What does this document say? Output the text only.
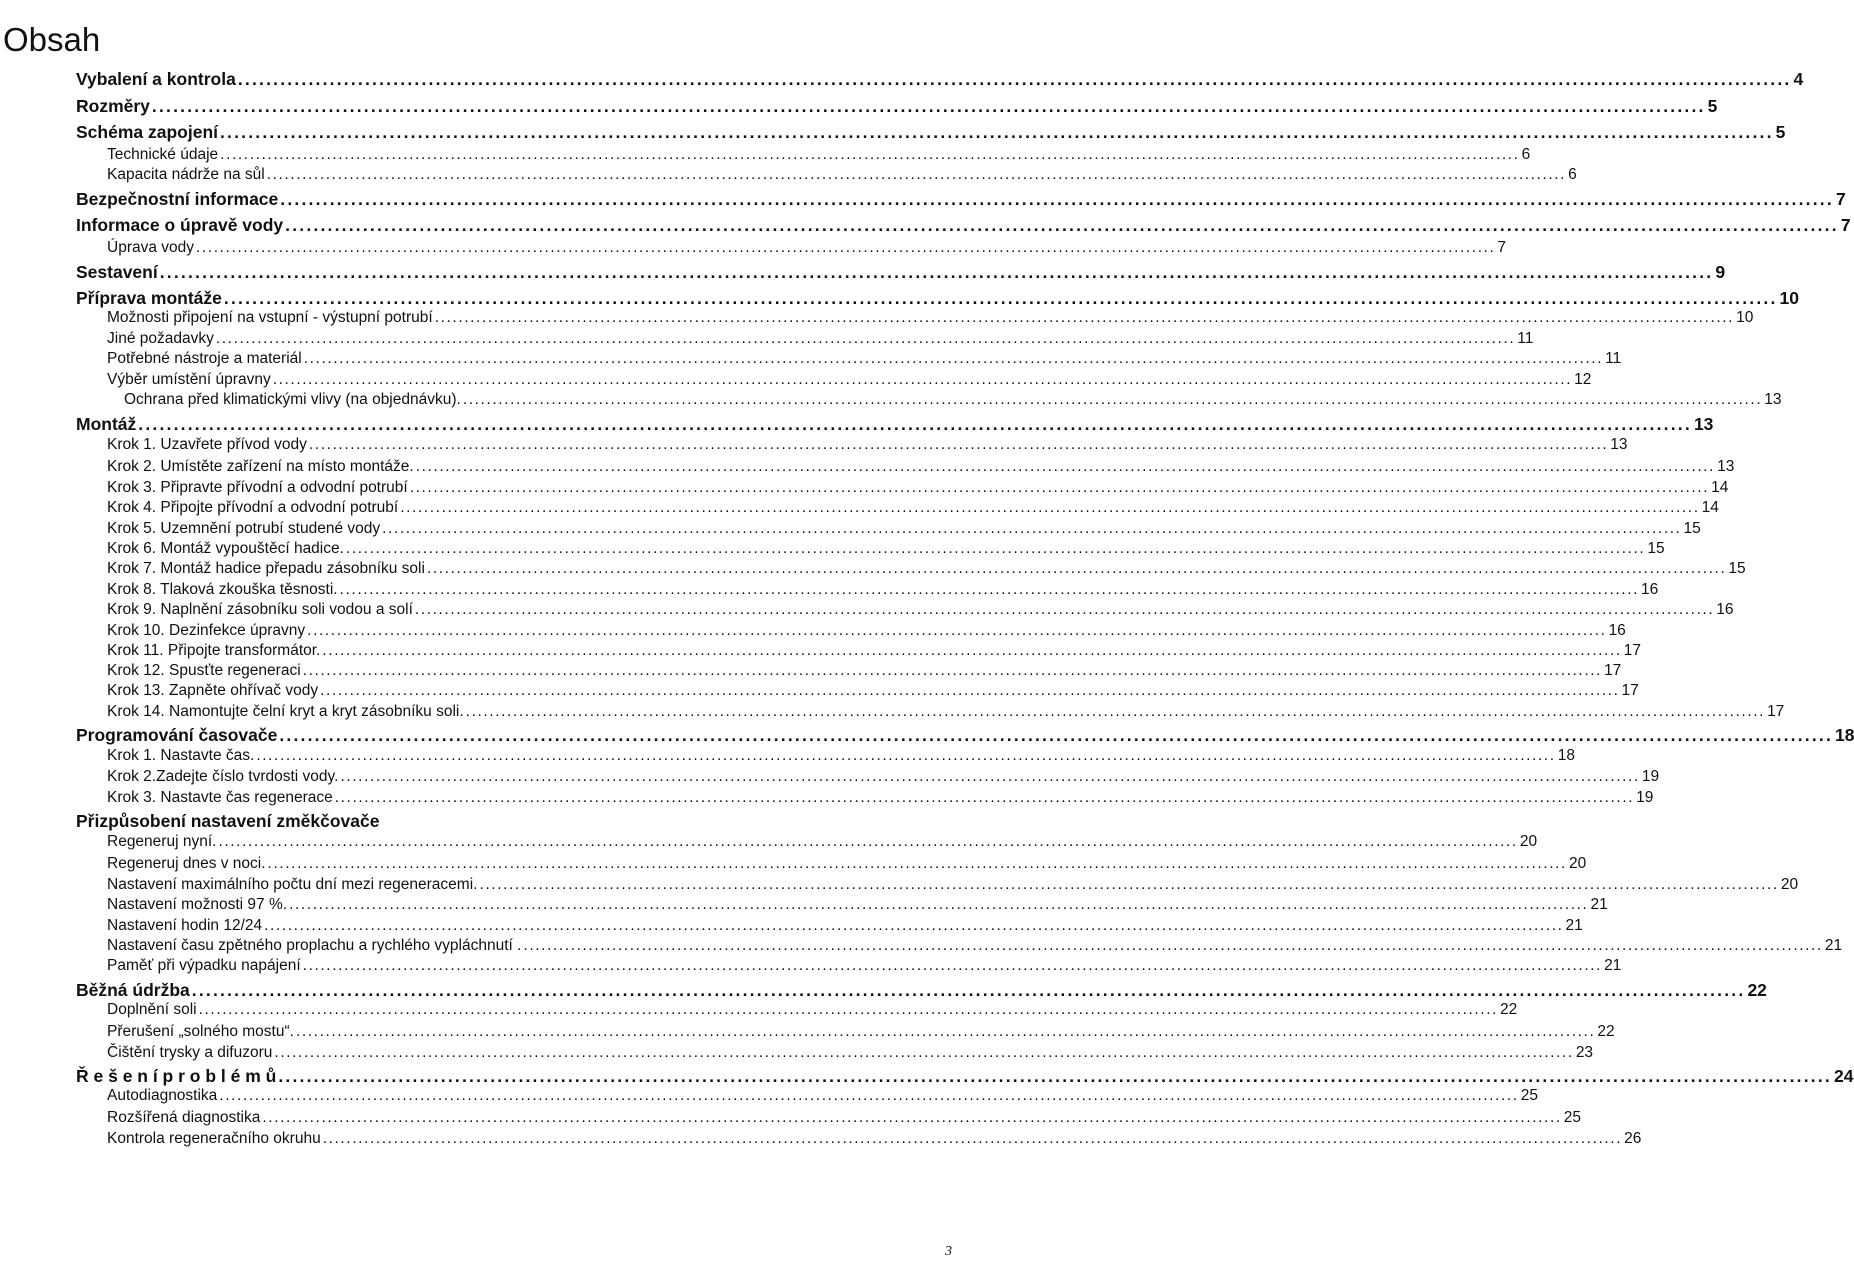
Obsah
Vybalení a kontrola ............................................................................................................................................................................................................................ 4
Rozměry ............................................................................................................................................................................................................................ 5
Schéma zapojení ............................................................................................................................................................................................................................ 5
Technické údaje ............................................................................................................................................................................................................................ 6
Kapacita nádrže na sůl ............................................................................................................................................................................................................................ 6
Bezpečnostní informace ............................................................................................................................................................................................................................ 7
Informace o úpravě vody ............................................................................................................................................................................................................................ 7
Úprava vody ............................................................................................................................................................................................................................ 7
Sestavení ............................................................................................................................................................................................................................ 9
Příprava montáže ............................................................................................................................................................................................................................ 10
Možnosti připojení na vstupní - výstupní potrubí ............................................................................................................................................................................................................................ 10
Jiné požadavky ............................................................................................................................................................................................................................ 11
Potřebné nástroje a materiál ............................................................................................................................................................................................................................ 11
Výběr umístění úpravny ............................................................................................................................................................................................................................ 12
Ochrana před klimatickými vlivy (na objednávku). ............................................................................................................................................................................................................................ 13
Montáž ............................................................................................................................................................................................................................ 13
Krok 1. Uzavřete přívod vody ............................................................................................................................................................................................................................ 13
Krok 2. Umístěte zařízení na místo montáže. ............................................................................................................................................................................................................................ 13
Krok 3. Připravte přívodní a odvodní potrubí ............................................................................................................................................................................................................................ 14
Krok 4. Připojte přívodní a odvodní potrubí ............................................................................................................................................................................................................................ 14
Krok 5. Uzemnění potrubí studené vody ............................................................................................................................................................................................................................ 15
Krok 6. Montáž vypouštěcí hadice. ............................................................................................................................................................................................................................ 15
Krok 7. Montáž hadice přepadu zásobníku soli ............................................................................................................................................................................................................................ 15
Krok 8. Tlaková zkouška těsnosti. ............................................................................................................................................................................................................................ 16
Krok 9. Naplnění zásobníku soli vodou a solí ............................................................................................................................................................................................................................ 16
Krok 10. Dezinfekce úpravny ............................................................................................................................................................................................................................ 16
Krok 11. Připojte transformátor. ............................................................................................................................................................................................................................ 17
Krok 12. Spusťte regeneraci ............................................................................................................................................................................................................................ 17
Krok 13. Zapněte ohřívač vody ............................................................................................................................................................................................................................ 17
Krok 14. Namontujte čelní kryt a kryt zásobníku soli. ............................................................................................................................................................................................................................ 17
Programování časovače ............................................................................................................................................................................................................................ 18
Krok 1. Nastavte čas. ............................................................................................................................................................................................................................ 18
Krok 2.Zadejte číslo tvrdosti vody. ............................................................................................................................................................................................................................ 19
Krok 3. Nastavte čas regenerace ............................................................................................................................................................................................................................ 19
Přizpůsobení nastavení změkčovače
Regeneruj nyní. ............................................................................................................................................................................................................................ 20
Regeneruj dnes v noci. ............................................................................................................................................................................................................................ 20
Nastavení maximálního počtu dní mezi regeneracemi. ............................................................................................................................................................................................................................ 20
Nastavení možnosti 97 %. ............................................................................................................................................................................................................................ 21
Nastavení hodin 12/24 ............................................................................................................................................................................................................................ 21
Nastavení času zpětného proplachu a rychlého vypláchnutí . ............................................................................................................................................................................................................................ 21
Paměť při výpadku napájení ............................................................................................................................................................................................................................ 21
Běžná údržba ............................................................................................................................................................................................................................ 22
Doplnění soli ............................................................................................................................................................................................................................ 22
Přerušení „solného mostu“. ............................................................................................................................................................................................................................ 22
Čištění trysky a difuzoru ............................................................................................................................................................................................................................ 23
Ř e š e n í p r o b l é m ů ............................................................................................................................................................................................................................ 24
Autodiagnostika ............................................................................................................................................................................................................................ 25
Rozšířená diagnostika ............................................................................................................................................................................................................................ 25
Kontrola regeneračního okruhu ............................................................................................................................................................................................................................ 26
3
